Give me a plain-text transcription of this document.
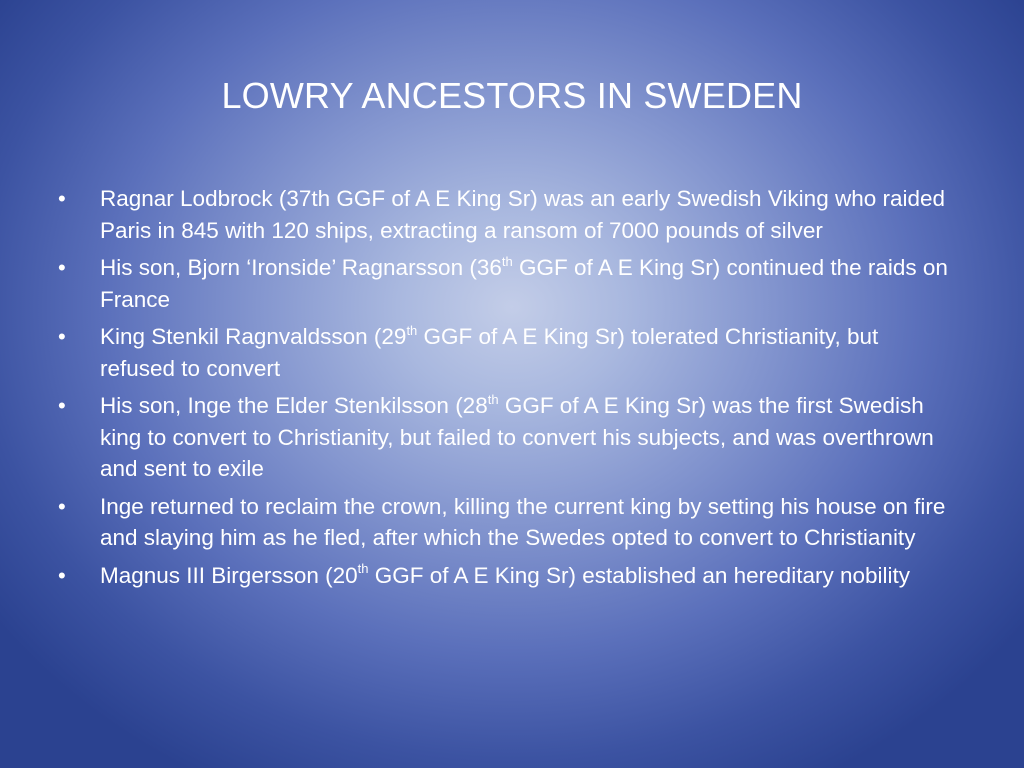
LOWRY ANCESTORS IN SWEDEN
• Ragnar Lodbrock (37th GGF of A E King Sr) was an early Swedish Viking who raided Paris in 845 with 120 ships, extracting a ransom of 7000 pounds of silver
• His son, Bjorn ‘Ironside’ Ragnarsson (36th GGF of A E King Sr) continued the raids on France
• King Stenkil Ragnvaldsson (29th GGF of A E King Sr) tolerated Christianity, but refused to convert
• His son, Inge the Elder Stenkilsson (28th GGF of A E King Sr) was the first Swedish king to convert to Christianity, but failed to convert his subjects, and was overthrown and sent to exile
• Inge returned to reclaim the crown, killing the current king by setting his house on fire and slaying him as he fled, after which the Swedes opted to convert to Christianity
• Magnus III Birgersson (20th GGF of A E King Sr) established an hereditary nobility
